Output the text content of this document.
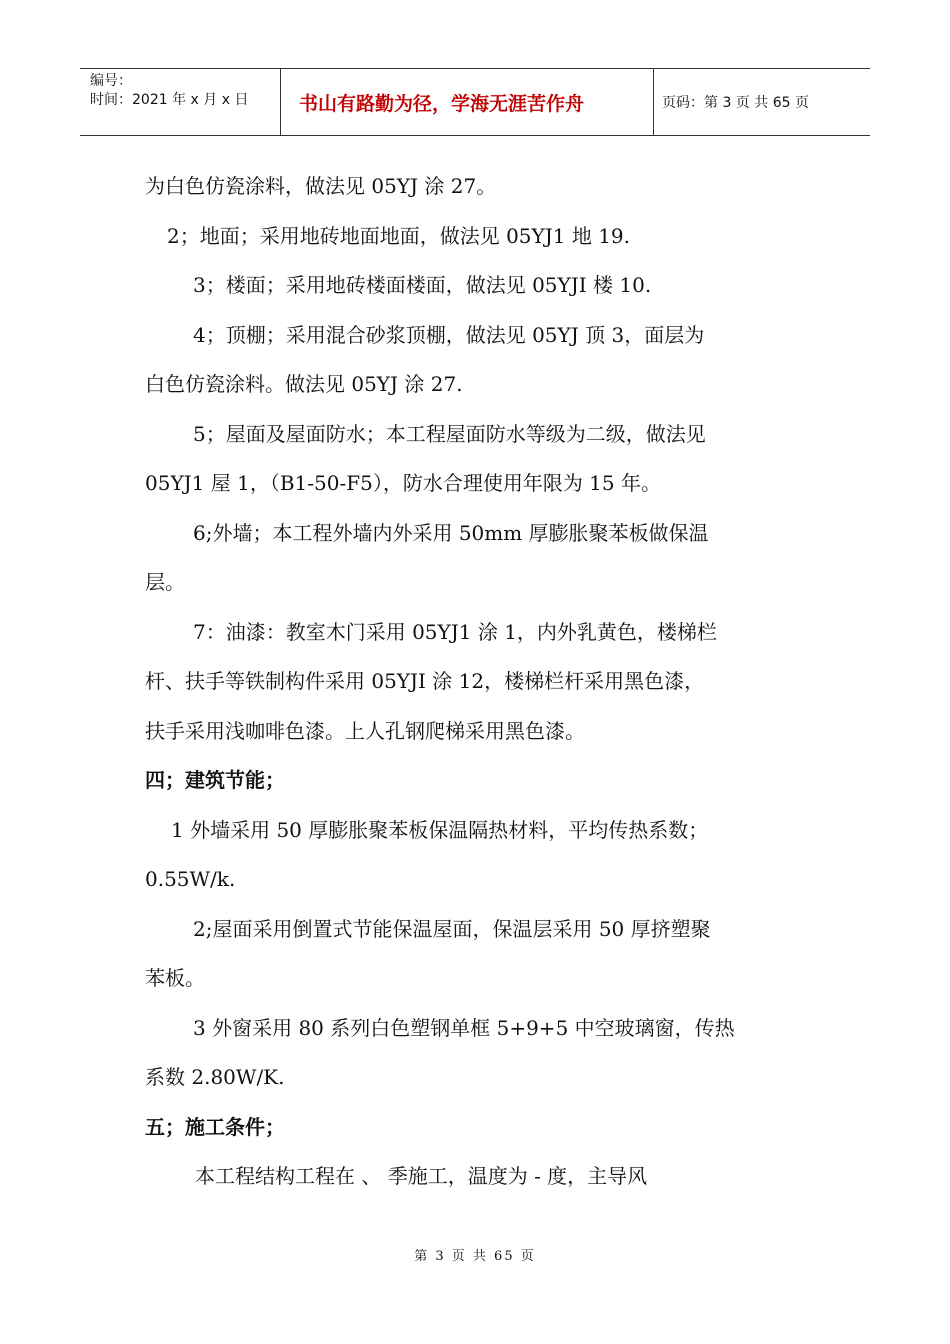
编号：
时间：2021 年 x 月 x 日	书山有路勤为径，学海无涯苦作舟	页码：第 3 页 共 65 页

为白色仿瓷涂料，做法见 05YJ 涂 27。

2；地面；采用地砖地面地面，做法见 05YJ1 地 19.

3；楼面；采用地砖楼面楼面，做法见 05YJI 楼 10.

4；顶棚；采用混合砂浆顶棚，做法见 05YJ 顶 3，面层为

白色仿瓷涂料。做法见 05YJ 涂 27.

5；屋面及屋面防水；本工程屋面防水等级为二级，做法见

05YJ1 屋 1，（B1-50-F5），防水合理使用年限为 15 年。

6;外墙；本工程外墙内外采用 50mm 厚膨胀聚苯板做保温

层。

7：油漆：教室木门采用 05YJ1 涂 1，内外乳黄色，楼梯栏

杆、扶手等铁制构件采用 05YJI 涂 12，楼梯栏杆采用黑色漆，

扶手采用浅咖啡色漆。上人孔钢爬梯采用黑色漆。

四；建筑节能；

1 外墙采用 50 厚膨胀聚苯板保温隔热材料，平均传热系数；

0.55W/k.

2;屋面采用倒置式节能保温屋面，保温层采用 50 厚挤塑聚

苯板。

3 外窗采用 80 系列白色塑钢单框 5+9+5 中空玻璃窗，传热

系数 2.80W/K.

五；施工条件；

本工程结构工程在 、 季施工，温度为 - 度，主导风

第 3 页 共 65 页
